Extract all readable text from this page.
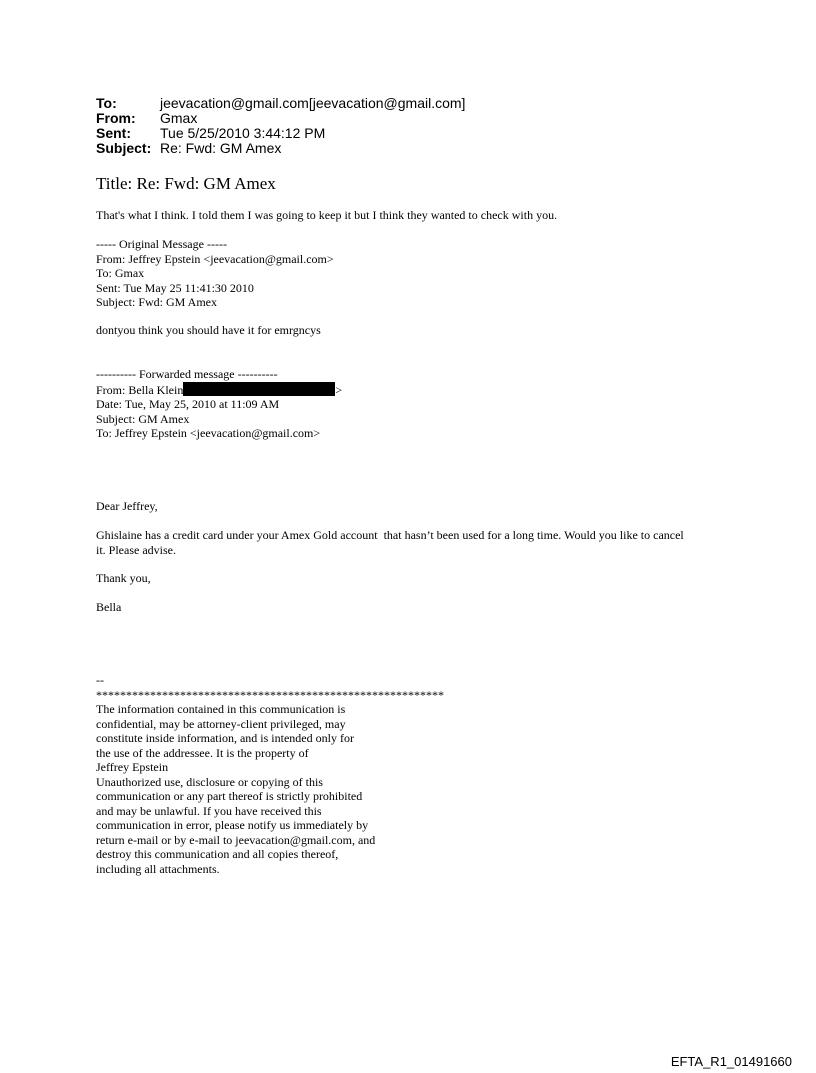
To:	jeevacation@gmail.com[jeevacation@gmail.com]
From:	Gmax
Sent:	Tue 5/25/2010 3:44:12 PM
Subject: Re: Fwd: GM Amex
Title: Re: Fwd: GM Amex
That's what I think. I told them I was going to keep it but I think they wanted to check with you.
----- Original Message -----
From: Jeffrey Epstein <jeevacation@gmail.com>
To: Gmax
Sent: Tue May 25 11:41:30 2010
Subject: Fwd: GM Amex
dontyou think you should have it for emrgncys
---------- Forwarded message ----------
From: Bella Klein	>
Date: Tue, May 25, 2010 at 11:09 AM
Subject: GM Amex
To: Jeffrey Epstein <jeevacation@gmail.com>
Dear Jeffrey,
Ghislaine has a credit card under your Amex Gold account  that hasn’t been used for a long time. Would you like to cancel
it. Please advise.
Thank you,
Bella
--
**********************************************************
The information contained in this communication is
confidential, may be attorney-client privileged, may
constitute inside information, and is intended only for
the use of the addressee. It is the property of
Jeffrey Epstein
Unauthorized use, disclosure or copying of this
communication or any part thereof is strictly prohibited
and may be unlawful. If you have received this
communication in error, please notify us immediately by
return e-mail or by e-mail to jeevacation@gmail.com, and
destroy this communication and all copies thereof,
including all attachments.
EFTA_R1_01491660
